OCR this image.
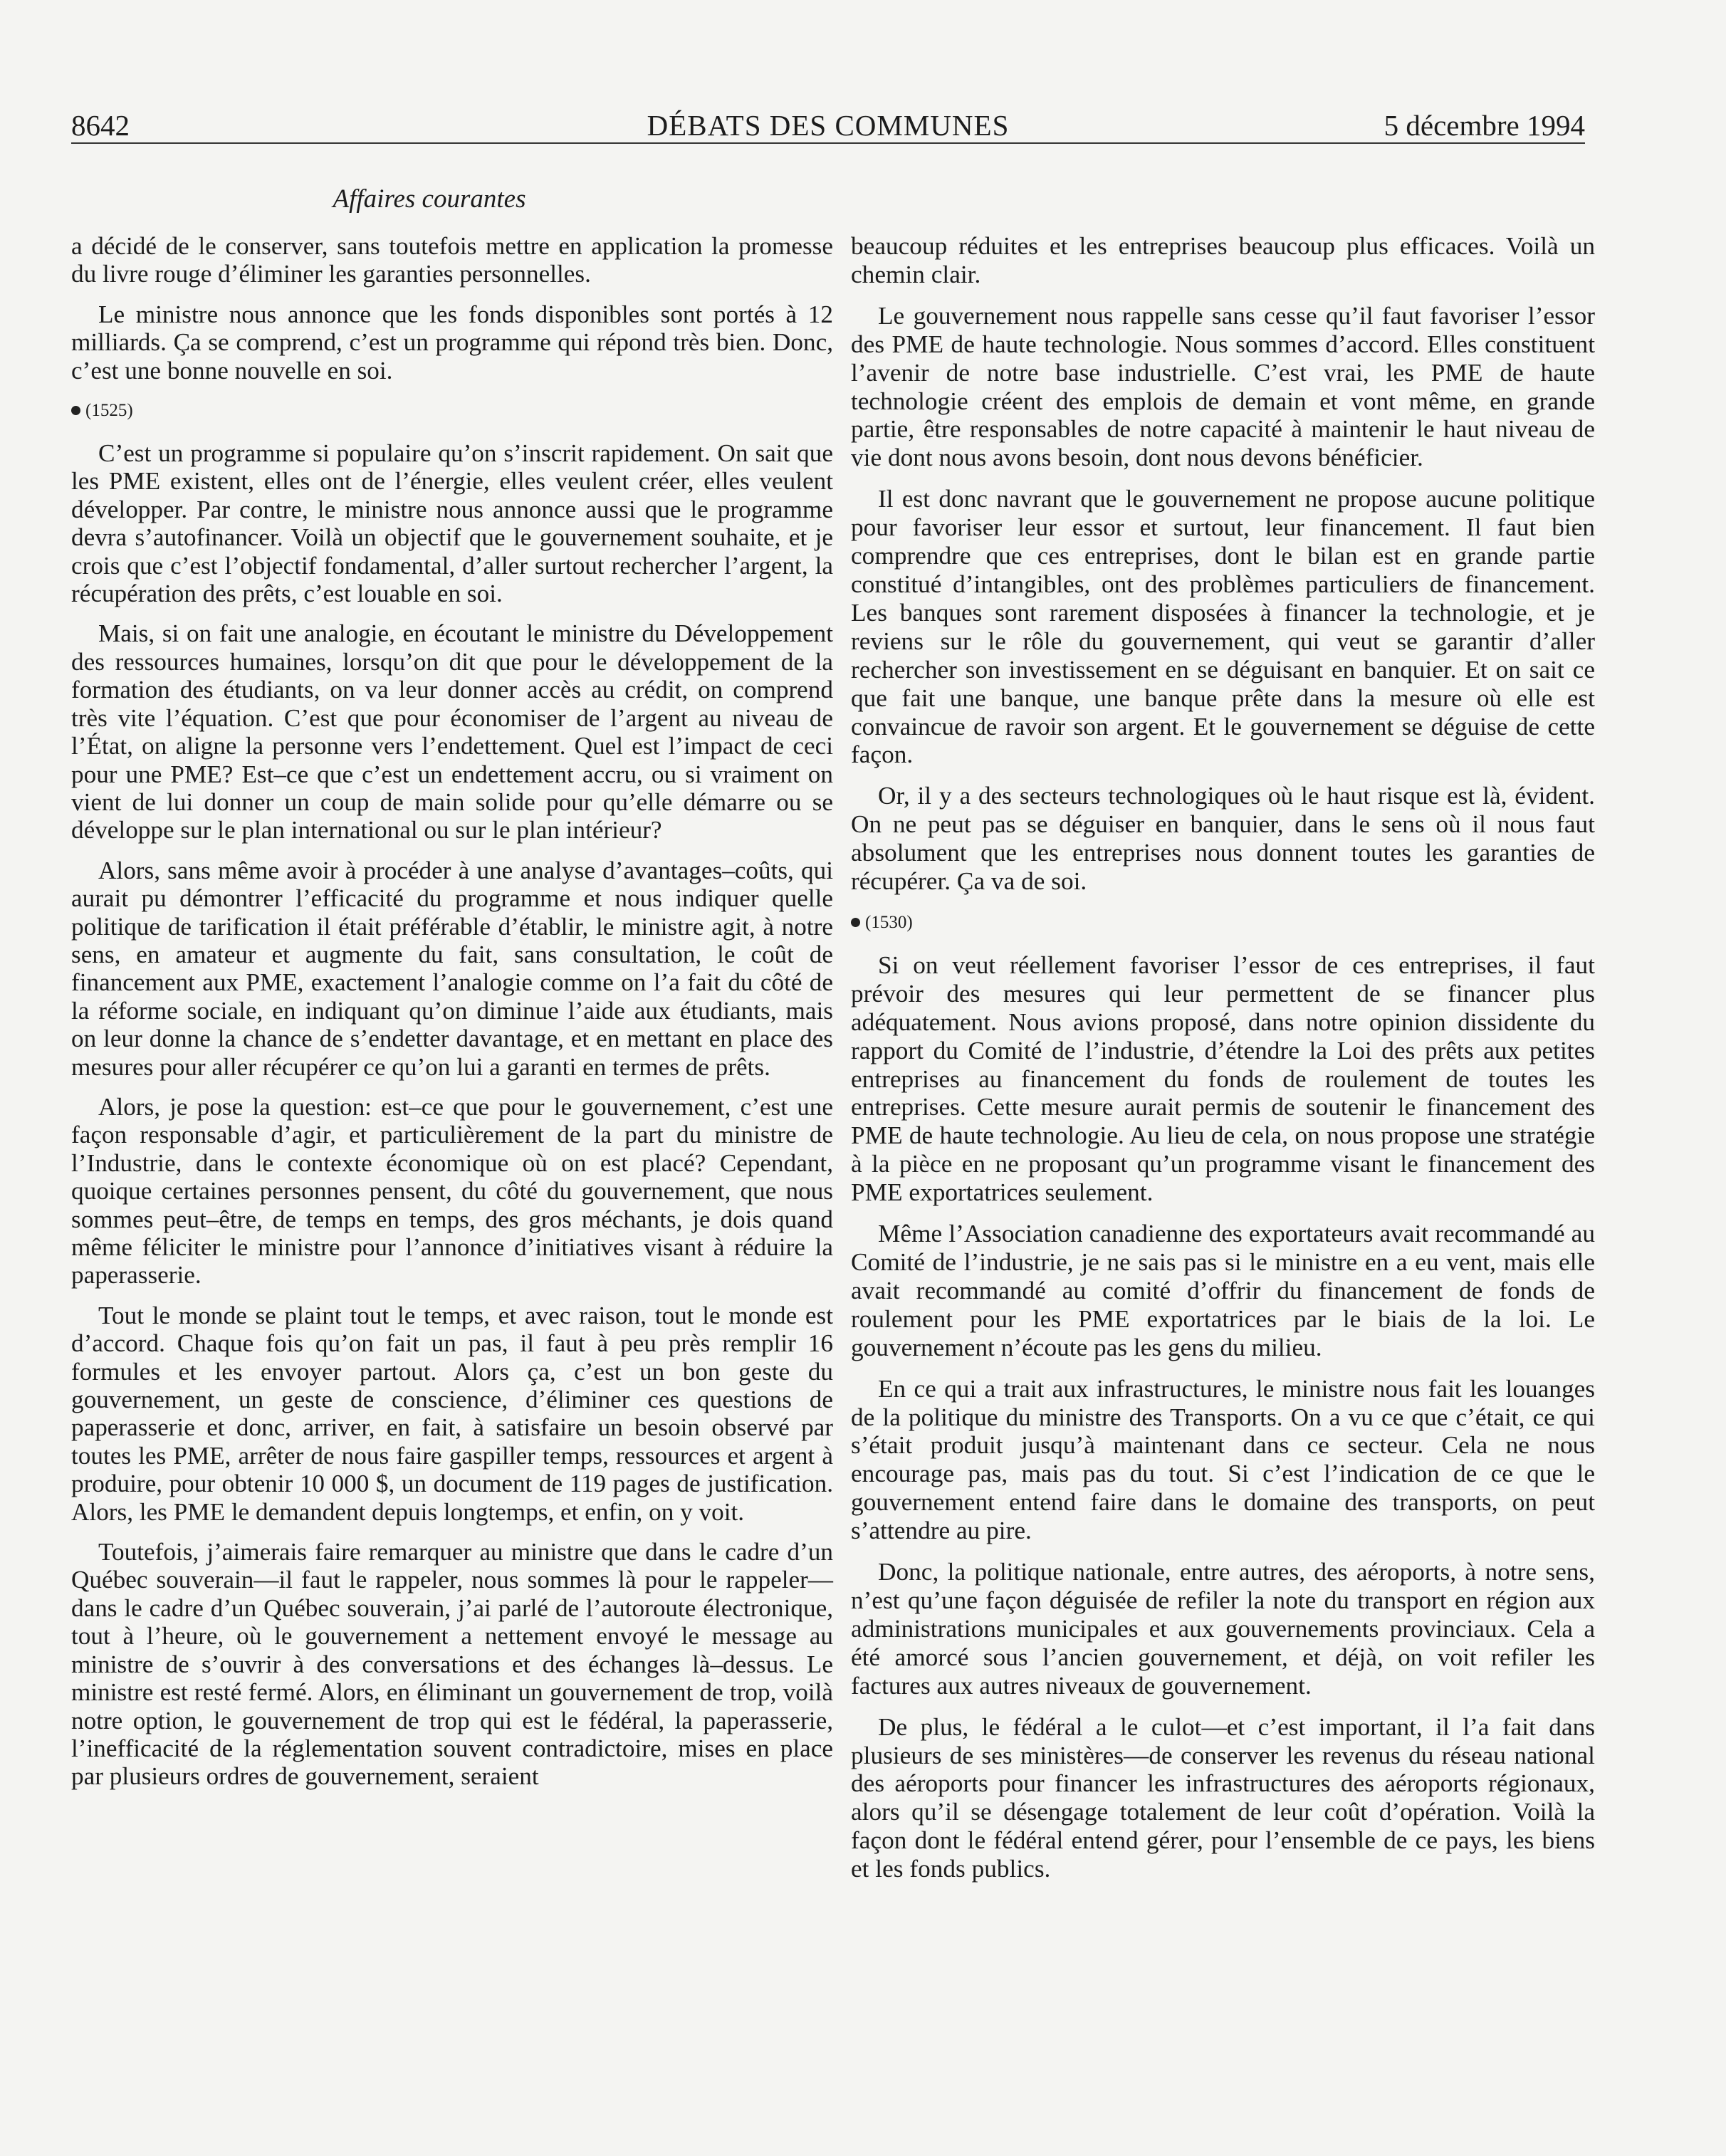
8642	DÉBATS DES COMMUNES	5 décembre 1994
Affaires courantes

a décidé de le conserver, sans toutefois mettre en application la promesse du livre rouge d’éliminer les garanties personnelles.

Le ministre nous annonce que les fonds disponibles sont portés à 12 milliards. Ça se comprend, c’est un programme qui répond très bien. Donc, c’est une bonne nouvelle en soi.

(1525)

C’est un programme si populaire qu’on s’inscrit rapidement. On sait que les PME existent, elles ont de l’énergie, elles veulent créer, elles veulent développer. Par contre, le ministre nous annonce aussi que le programme devra s’autofinancer. Voilà un objectif que le gouvernement souhaite, et je crois que c’est l’objectif fondamental, d’aller surtout rechercher l’argent, la récupération des prêts, c’est louable en soi.

Mais, si on fait une analogie, en écoutant le ministre du Développement des ressources humaines, lorsqu’on dit que pour le développement de la formation des étudiants, on va leur donner accès au crédit, on comprend très vite l’équation. C’est que pour économiser de l’argent au niveau de l’État, on aligne la personne vers l’endettement. Quel est l’impact de ceci pour une PME? Est–ce que c’est un endettement accru, ou si vraiment on vient de lui donner un coup de main solide pour qu’elle démarre ou se développe sur le plan international ou sur le plan intérieur?

Alors, sans même avoir à procéder à une analyse d’avantages–coûts, qui aurait pu démontrer l’efficacité du programme et nous indiquer quelle politique de tarification il était préférable d’établir, le ministre agit, à notre sens, en amateur et augmente du fait, sans consultation, le coût de financement aux PME, exactement l’analogie comme on l’a fait du côté de la réforme sociale, en indiquant qu’on diminue l’aide aux étudiants, mais on leur donne la chance de s’endetter davantage, et en mettant en place des mesures pour aller récupérer ce qu’on lui a garanti en termes de prêts.

Alors, je pose la question: est–ce que pour le gouvernement, c’est une façon responsable d’agir, et particulièrement de la part du ministre de l’Industrie, dans le contexte économique où on est placé? Cependant, quoique certaines personnes pensent, du côté du gouvernement, que nous sommes peut–être, de temps en temps, des gros méchants, je dois quand même féliciter le ministre pour l’annonce d’initiatives visant à réduire la paperasserie.

Tout le monde se plaint tout le temps, et avec raison, tout le monde est d’accord. Chaque fois qu’on fait un pas, il faut à peu près remplir 16 formules et les envoyer partout. Alors ça, c’est un bon geste du gouvernement, un geste de conscience, d’éliminer ces questions de paperasserie et donc, arriver, en fait, à satisfaire un besoin observé par toutes les PME, arrêter de nous faire gaspiller temps, ressources et argent à produire, pour obtenir 10 000 $, un document de 119 pages de justification. Alors, les PME le demandent depuis longtemps, et enfin, on y voit.

Toutefois, j’aimerais faire remarquer au ministre que dans le cadre d’un Québec souverain—il faut le rappeler, nous sommes là pour le rappeler—dans le cadre d’un Québec souverain, j’ai parlé de l’autoroute électronique, tout à l’heure, où le gouvernement a nettement envoyé le message au ministre de s’ouvrir à des conversations et des échanges là–dessus. Le ministre est resté fermé. Alors, en éliminant un gouvernement de trop, voilà notre option, le gouvernement de trop qui est le fédéral, la paperasserie, l’inefficacité de la réglementation souvent contradictoire, mises en place par plusieurs ordres de gouvernement, seraient

beaucoup réduites et les entreprises beaucoup plus efficaces. Voilà un chemin clair.

Le gouvernement nous rappelle sans cesse qu’il faut favoriser l’essor des PME de haute technologie. Nous sommes d’accord. Elles constituent l’avenir de notre base industrielle. C’est vrai, les PME de haute technologie créent des emplois de demain et vont même, en grande partie, être responsables de notre capacité à maintenir le haut niveau de vie dont nous avons besoin, dont nous devons bénéficier.

Il est donc navrant que le gouvernement ne propose aucune politique pour favoriser leur essor et surtout, leur financement. Il faut bien comprendre que ces entreprises, dont le bilan est en grande partie constitué d’intangibles, ont des problèmes particuliers de financement. Les banques sont rarement disposées à financer la technologie, et je reviens sur le rôle du gouvernement, qui veut se garantir d’aller rechercher son investissement en se déguisant en banquier. Et on sait ce que fait une banque, une banque prête dans la mesure où elle est convaincue de ravoir son argent. Et le gouvernement se déguise de cette façon.

Or, il y a des secteurs technologiques où le haut risque est là, évident. On ne peut pas se déguiser en banquier, dans le sens où il nous faut absolument que les entreprises nous donnent toutes les garanties de récupérer. Ça va de soi.

(1530)

Si on veut réellement favoriser l’essor de ces entreprises, il faut prévoir des mesures qui leur permettent de se financer plus adéquatement. Nous avions proposé, dans notre opinion dissidente du rapport du Comité de l’industrie, d’étendre la Loi des prêts aux petites entreprises au financement du fonds de roulement de toutes les entreprises. Cette mesure aurait permis de soutenir le financement des PME de haute technologie. Au lieu de cela, on nous propose une stratégie à la pièce en ne proposant qu’un programme visant le financement des PME exportatrices seulement.

Même l’Association canadienne des exportateurs avait recommandé au Comité de l’industrie, je ne sais pas si le ministre en a eu vent, mais elle avait recommandé au comité d’offrir du financement de fonds de roulement pour les PME exportatrices par le biais de la loi. Le gouvernement n’écoute pas les gens du milieu.

En ce qui a trait aux infrastructures, le ministre nous fait les louanges de la politique du ministre des Transports. On a vu ce que c’était, ce qui s’était produit jusqu’à maintenant dans ce secteur. Cela ne nous encourage pas, mais pas du tout. Si c’est l’indication de ce que le gouvernement entend faire dans le domaine des transports, on peut s’attendre au pire.

Donc, la politique nationale, entre autres, des aéroports, à notre sens, n’est qu’une façon déguisée de refiler la note du transport en région aux administrations municipales et aux gouvernements provinciaux. Cela a été amorcé sous l’ancien gouvernement, et déjà, on voit refiler les factures aux autres niveaux de gouvernement.

De plus, le fédéral a le culot—et c’est important, il l’a fait dans plusieurs de ses ministères—de conserver les revenus du réseau national des aéroports pour financer les infrastructures des aéroports régionaux, alors qu’il se désengage totalement de leur coût d’opération. Voilà la façon dont le fédéral entend gérer, pour l’ensemble de ce pays, les biens et les fonds publics.
